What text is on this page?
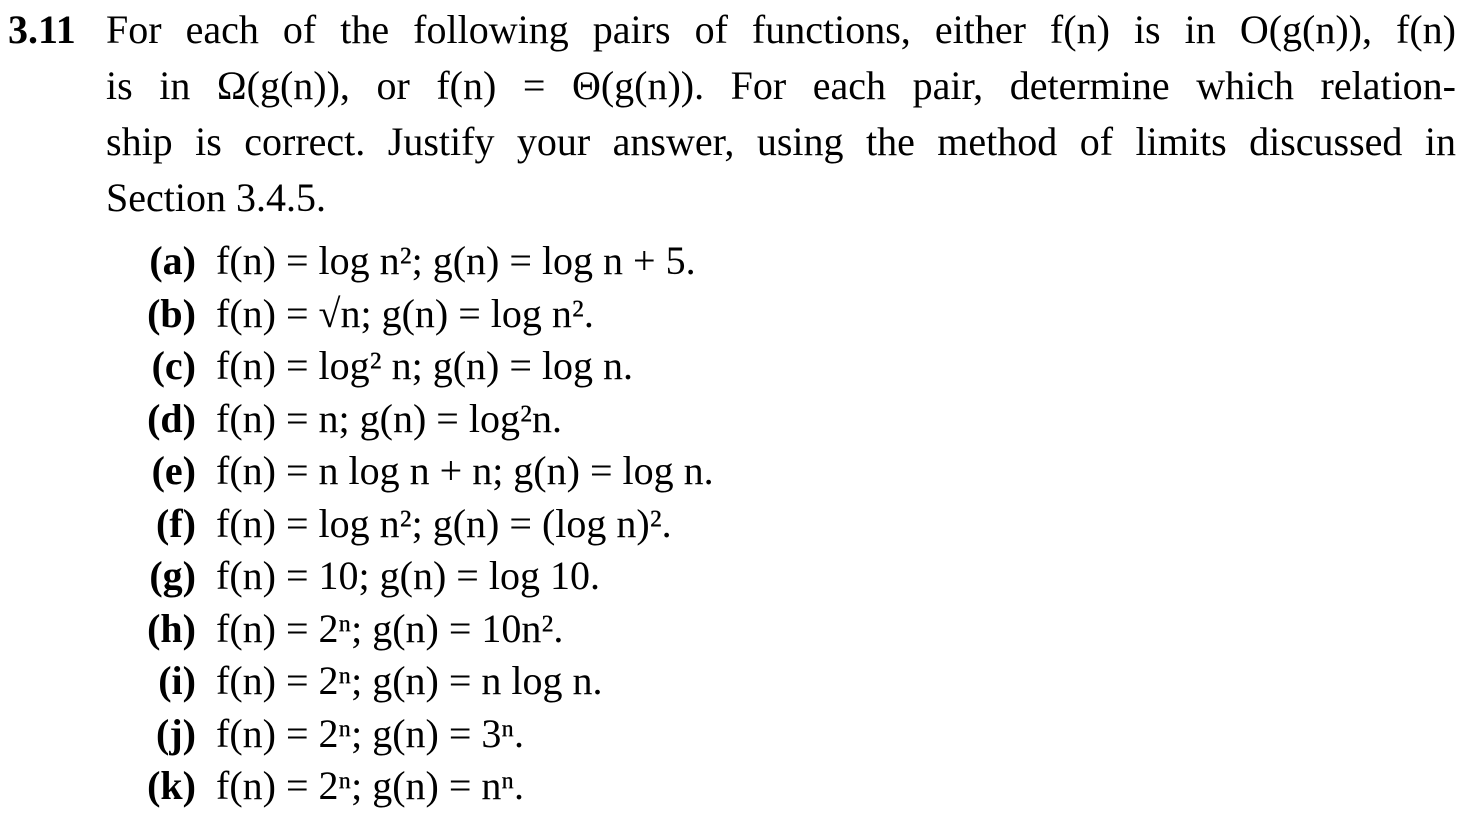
3.11 For each of the following pairs of functions, either f(n) is in O(g(n)), f(n)
is in Ω(g(n)), or f(n) = Θ(g(n)). For each pair, determine which relation-
ship is correct. Justify your answer, using the method of limits discussed in
Section 3.4.5.
(a) f(n) = log n²; g(n) = log n + 5.
(b) f(n) = √n; g(n) = log n².
(c) f(n) = log² n; g(n) = log n.
(d) f(n) = n; g(n) = log²n.
(e) f(n) = n log n + n; g(n) = log n.
(f) f(n) = log n²; g(n) = (log n)².
(g) f(n) = 10; g(n) = log 10.
(h) f(n) = 2ⁿ; g(n) = 10n².
(i) f(n) = 2ⁿ; g(n) = n log n.
(j) f(n) = 2ⁿ; g(n) = 3ⁿ.
(k) f(n) = 2ⁿ; g(n) = nⁿ.
